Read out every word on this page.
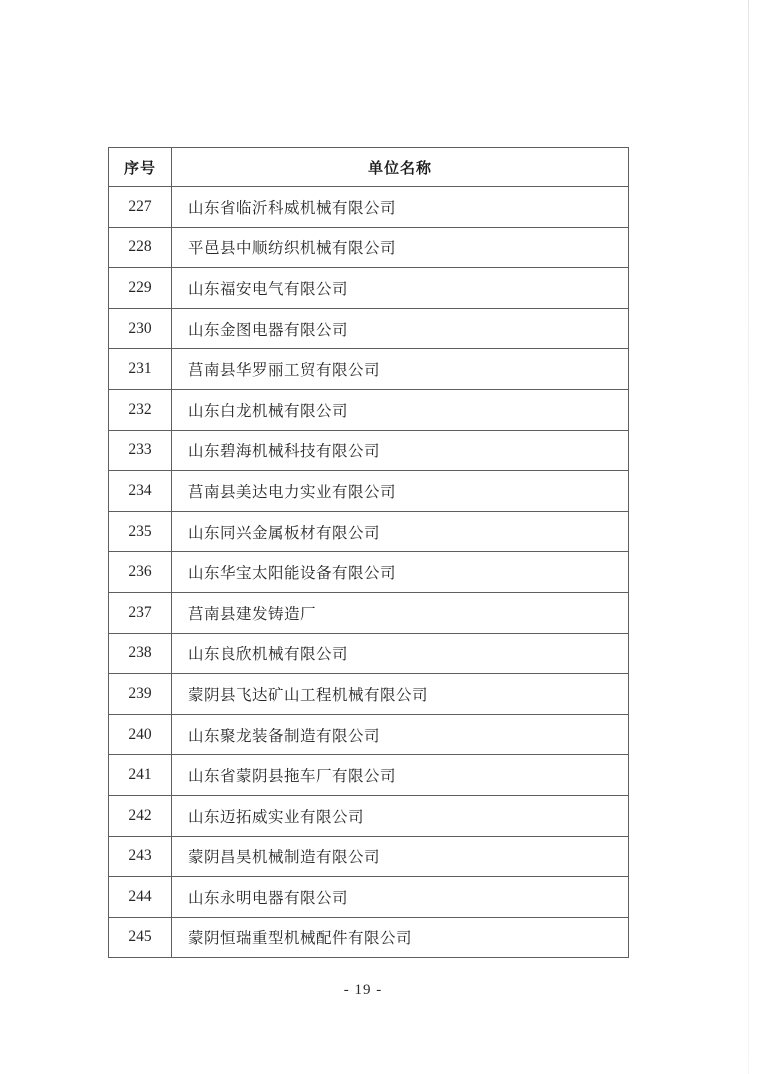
序号	单位名称
227	山东省临沂科威机械有限公司
228	平邑县中顺纺织机械有限公司
229	山东福安电气有限公司
230	山东金图电器有限公司
231	莒南县华罗丽工贸有限公司
232	山东白龙机械有限公司
233	山东碧海机械科技有限公司
234	莒南县美达电力实业有限公司
235	山东同兴金属板材有限公司
236	山东华宝太阳能设备有限公司
237	莒南县建发铸造厂
238	山东良欣机械有限公司
239	蒙阴县飞达矿山工程机械有限公司
240	山东聚龙装备制造有限公司
241	山东省蒙阴县拖车厂有限公司
242	山东迈拓威实业有限公司
243	蒙阴昌昊机械制造有限公司
244	山东永明电器有限公司
245	蒙阴恒瑞重型机械配件有限公司
- 19 -
